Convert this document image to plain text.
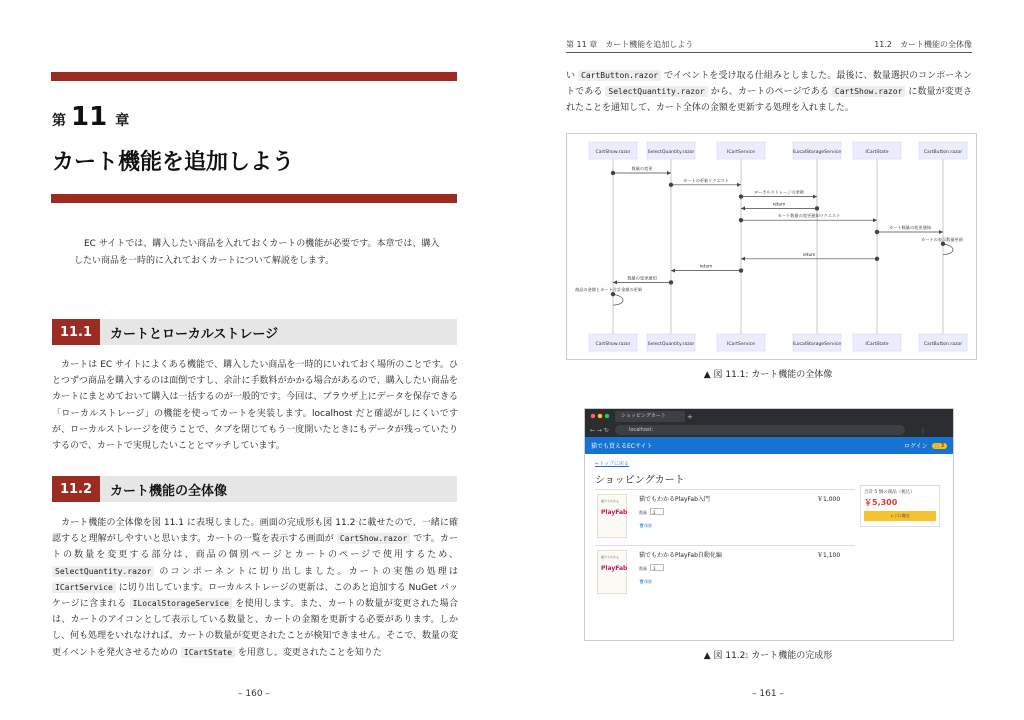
第 11 章
カート機能を追加しよう
EC サイトでは、購入したい商品を入れておくカートの機能が必要です。本章では、購入したい商品を一時的に入れておくカートについて解説をします。
11.1	カートとローカルストレージ
カートは EC サイトによくある機能で、購入したい商品を一時的にいれておく場所のことです。ひとつずつ商品を購入するのは面倒ですし、余計に手数料がかかる場合があるので、購入したい商品をカートにまとめておいて購入は一括するのが一般的です。今回は、ブラウザ上にデータを保存できる「ローカルストレージ」の機能を使ってカートを実装します。localhost だと確認がしにくいですが、ローカルストレージを使うことで、タブを閉じてもう一度開いたときにもデータが残っていたりするので、カートで実現したいこととマッチしています。
11.2	カート機能の全体像
カート機能の全体像を図 11.1 に表現しました。画面の完成形も図 11.2 に載せたので、一緒に確認すると理解がしやすいと思います。カートの一覧を表示する画面が CartShow.razor です。カートの数量を変更する部分は、商品の個別ページとカートのページで使用するため、SelectQuantity.razor のコンポーネントに切り出しました。カートの実態の処理は ICartService に切り出しています。ローカルストレージの更新は、このあと追加する NuGet パッケージに含まれる ILocalStorageService を使用します。また、カートの数量が変更された場合は、カートのアイコンとして表示している数量と、カートの金額を更新する必要があります。しかし、何も処理をいれなければ、カートの数量が変更されたことが検知できません。そこで、数量の変更イベントを発火させるための ICartState を用意し、変更されたことを知りた
– 160 –
第 11 章　カート機能を追加しよう	11.2　カート機能の全体像
い CartButton.razor でイベントを受け取る仕組みとしました。最後に、数量選択のコンポーネントである SelectQuantity.razor から、カートのページである CartShow.razor に数量が変更されたことを通知して、カート全体の金額を更新する処理を入れました。
CartShow.razor
CartShow.razor
SelectQuantity.razor
SelectQuantity.razor
ICartService
ICartService
ILocalStorageService
ILocalStorageService
ICartState
ICartState
CartButton.razor
CartButton.razor
数量の変更
カートの更新リクエスト
ローカルストレージの更新
return
カート数量の変更通知リクエスト
カート数量の変更通知
カートの表示数量更新
return
return
数量の変更通知
商品の金額とカート合計金額の更新
▲ 図 11.1: カート機能の全体像
+
← → ↻	⋮
ショッピングカート
localhost:
猫でも買えるECサイト	ログイン	🛒3
←トップに戻る
ショッピングカート
猫でもわかる
PlayFab
猫でもわかるPlayFab入門	￥1,000
数量 2
🗑削除
猫でもわかる
PlayFab
猫でもわかるPlayFab自動化編	￥1,100
数量 3
🗑削除
合計 5 個の商品（税込）
￥5,300
レジに進む
▲ 図 11.2: カート機能の完成形
– 161 –
